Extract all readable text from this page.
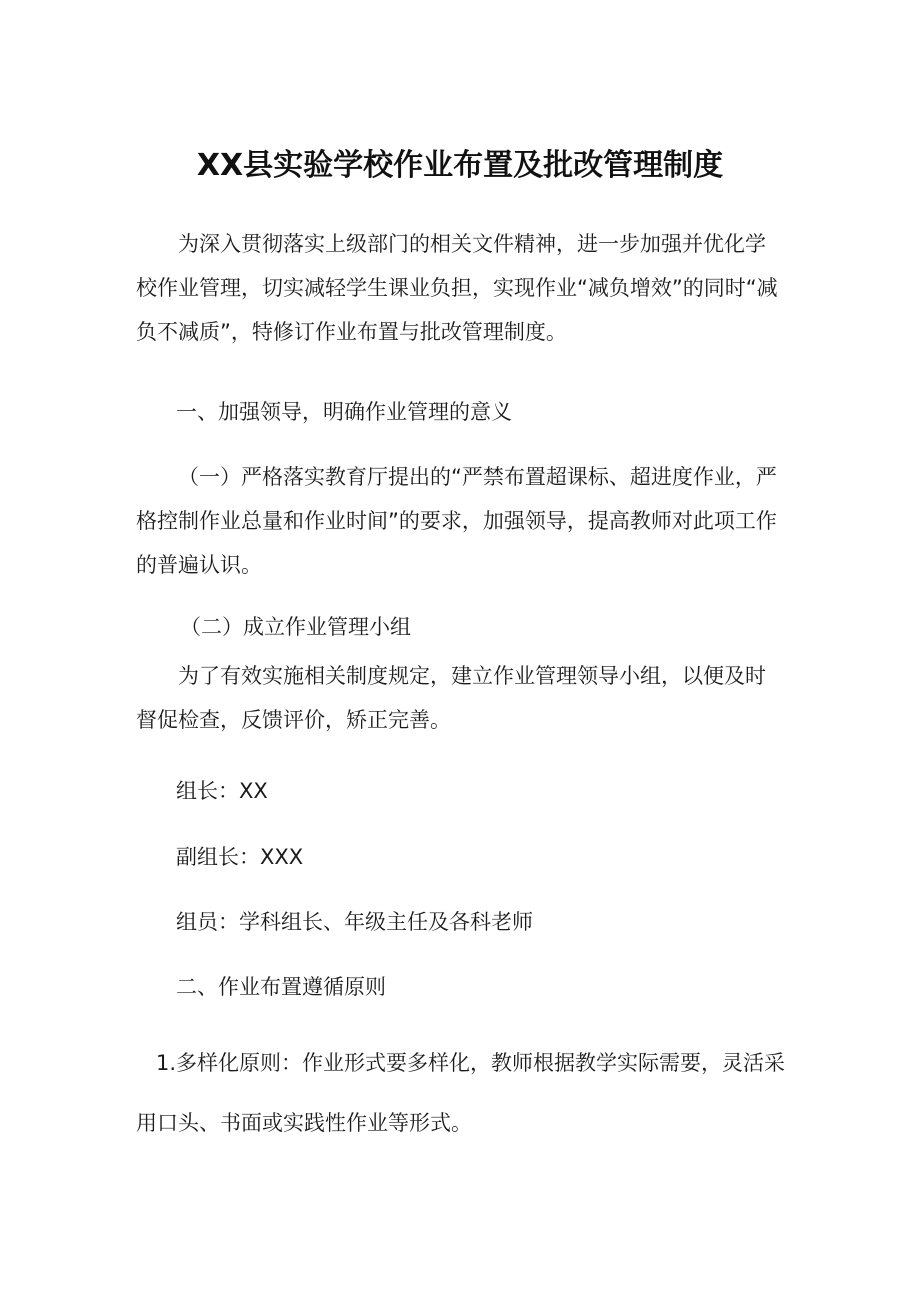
XX县实验学校作业布置及批改管理制度
为深入贯彻落实上级部门的相关文件精神，进一步加强并优化学校作业管理，切实减轻学生课业负担，实现作业“减负增效”的同时“减负不减质”，特修订作业布置与批改管理制度。
一、加强领导，明确作业管理的意义
（一）严格落实教育厅提出的“严禁布置超课标、超进度作业，严格控制作业总量和作业时间”的要求，加强领导，提高教师对此项工作的普遍认识。
（二）成立作业管理小组
为了有效实施相关制度规定，建立作业管理领导小组，以便及时督促检查，反馈评价，矫正完善。
组长：XX
副组长：XXX
组员：学科组长、年级主任及各科老师
二、作业布置遵循原则
1.多样化原则：作业形式要多样化，教师根据教学实际需要，灵活采
用口头、书面或实践性作业等形式。
